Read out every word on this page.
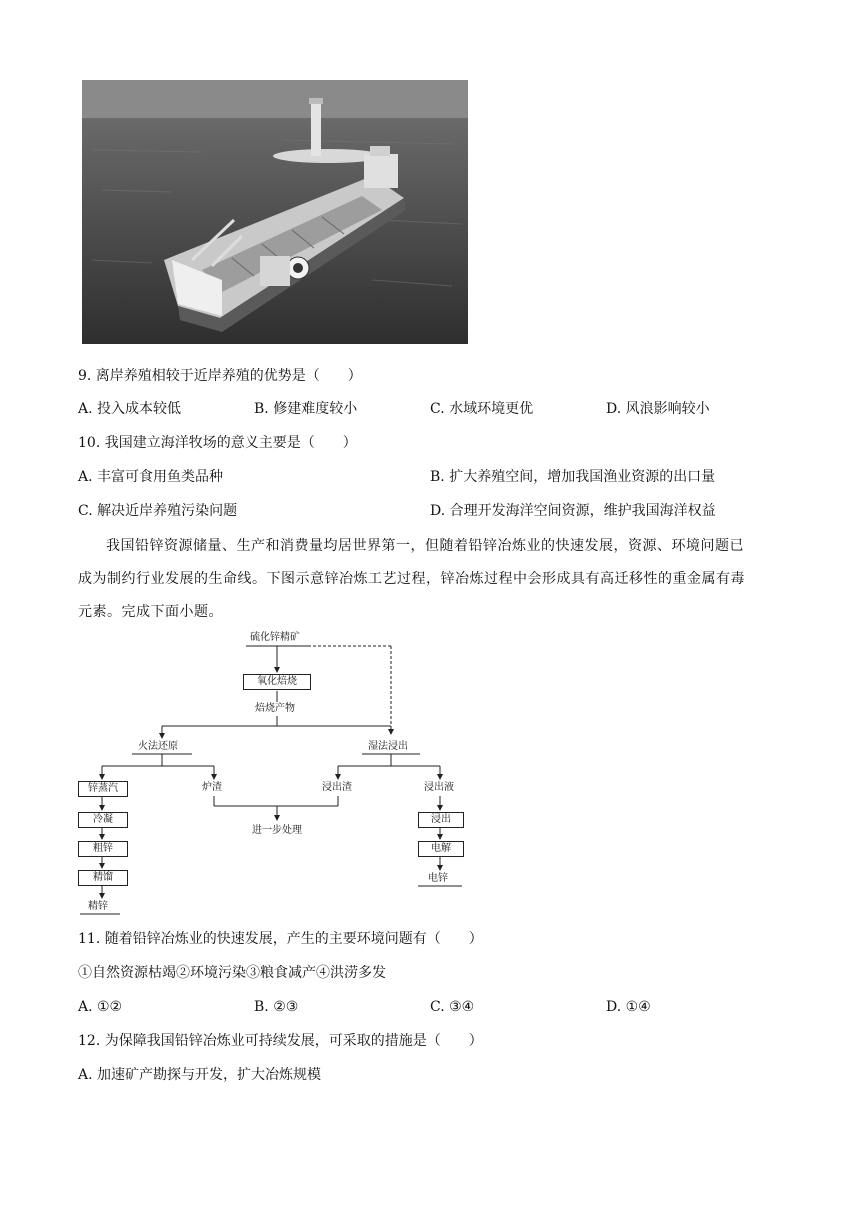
9. 离岸养殖相较于近岸养殖的优势是（　　）
A. 投入成本较低	B. 修建难度较小	C. 水域环境更优	D. 风浪影响较小
10. 我国建立海洋牧场的意义主要是（　　）
A. 丰富可食用鱼类品种	B. 扩大养殖空间，增加我国渔业资源的出口量
C. 解决近岸养殖污染问题	D. 合理开发海洋空间资源，维护我国海洋权益
我国铅锌资源储量、生产和消费量均居世界第一，但随着铅锌冶炼业的快速发展，资源、环境问题已
成为制约行业发展的生命线。下图示意锌冶炼工艺过程，锌冶炼过程中会形成具有高迁移性的重金属有毒
元素。完成下面小题。
硫化锌精矿
氧化焙烧
焙烧产物
火法还原	湿法浸出
锌蒸汽	炉渣	浸出渣	浸出液
进一步处理
冷凝
粗锌
精馏
精锌
浸出
电解
电锌
11. 随着铅锌冶炼业的快速发展，产生的主要环境问题有（　　）
①自然资源枯竭②环境污染③粮食减产④洪涝多发
A. ①②	B. ②③	C. ③④	D. ①④
12. 为保障我国铅锌冶炼业可持续发展，可采取的措施是（　　）
A. 加速矿产勘探与开发，扩大冶炼规模
